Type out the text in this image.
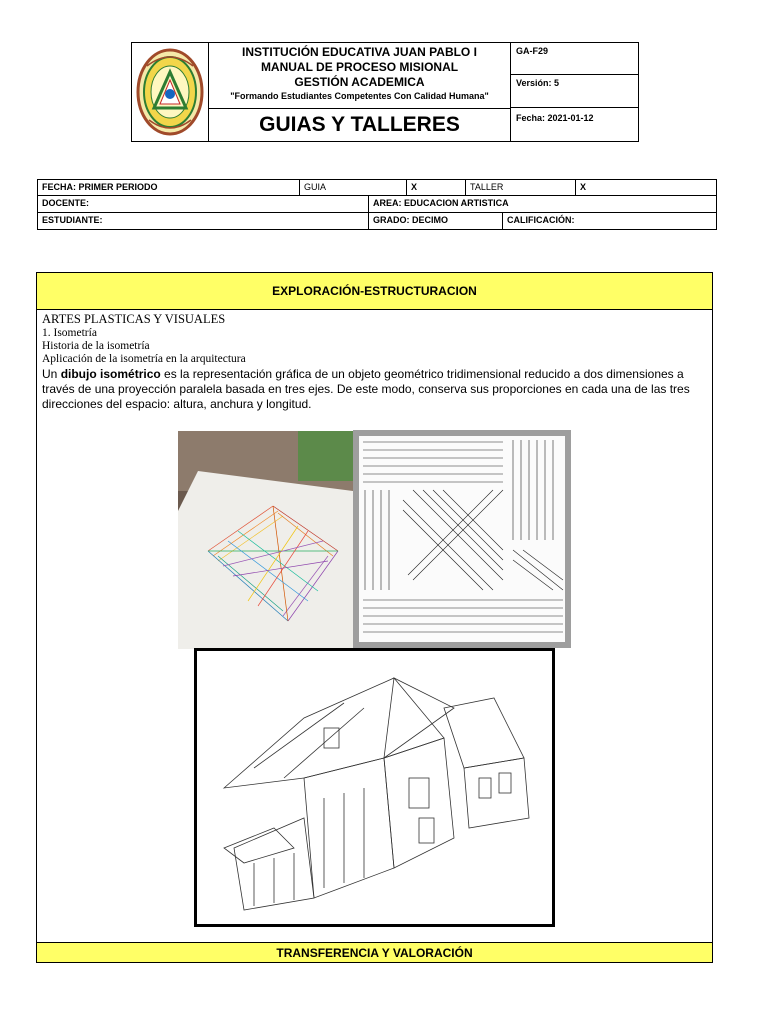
INSTITUCIÓN EDUCATIVA JUAN PABLO I
MANUAL DE PROCESO MISIONAL
GESTIÓN ACADEMICA
"Formando Estudiantes Competentes Con Calidad Humana"
GUIAS Y TALLERES
GA-F29
Versión: 5
Fecha: 2021-01-12
FECHA: PRIMER PERIODO	GUIA	X	TALLER	X
DOCENTE:	AREA: EDUCACION ARTISTICA
ESTUDIANTE:	GRADO: DECIMO	CALIFICACIÓN:
EXPLORACIÓN-ESTRUCTURACION
ARTES PLASTICAS Y VISUALES
1. Isometría
Historia de la isometría
Aplicación de la isometría en la arquitectura
Un dibujo isométrico es la representación gráfica de un objeto geométrico tridimensional reducido a dos dimensiones a través de una proyección paralela basada en tres ejes. De este modo, conserva sus proporciones en cada una de las tres direcciones del espacio: altura, anchura y longitud.
TRANSFERENCIA Y VALORACIÓN
